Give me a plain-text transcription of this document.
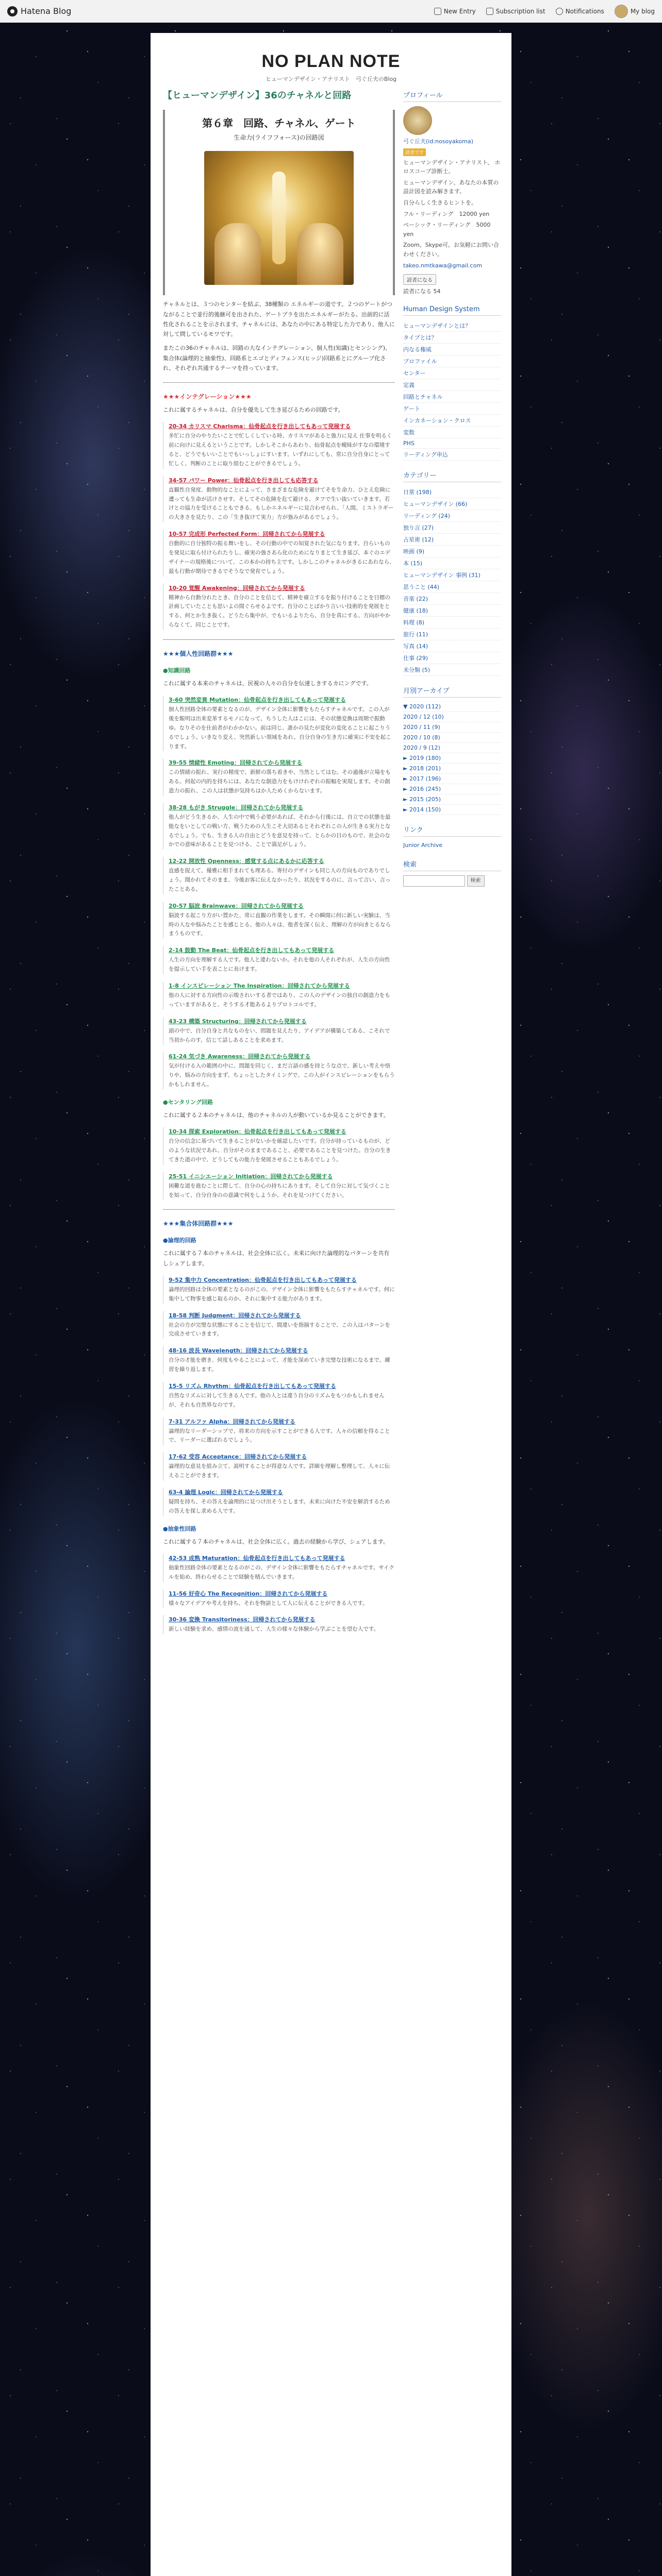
Hatena Blog	New Entry	Subscription list	Notifications	My blog
NO PLAN NOTE
ヒューマンデザイン・アナリスト　弓ぐ丘夫のBlog
【ヒューマンデザイン】36のチャネルと回路
第６章　回路、チャネル、ゲート
生命力(ライフフォース)の回路図

チャネルとは、３つのセンターを結ぶ、38種類の エネルギーの道です。２つのゲートがつながることで並行的後継可を出された、ゲートプラを出たエネルギーがたる。出前的に活性化されることを示されます。チャネルには、あなたの中にある特定した力であり、他人に対して問しているモワです。

またこの36のチャネルは、回路の大なインテグレーション、個人性(知識)とセンシング)、集合体(論理的と抽象性)、回路系とエゴとディフェンス(ヒッジ)回路系とにグループ化され、それぞれ共通するテーマを持っています。

★★★インテグレーション★★★

これに属するチャネルは、自分を優先して生き延びるための回路です。

20-34 カリスマ Charisma：仙骨起点を行き出してもあって発展する
多忙に自分のやりたいことで忙しくしている時、カリスマがあると強力に見え 仕事を明るく前に向けに見えるということです。しかしそこからあわり、仙骨起点を曖昧がすなの環境すると、どうでもいいことでもいっしょにすいます。いずれにしても、常に自分自身にとって忙しく、判断のことに取り組むことができるでしょう。
34-57 パワー Power：仙骨起点を行き出しても応答する
直観性自発度、動物的なことによって、さまざまな危険を避けてそを生命力、ひとえ危険に遭っても生命が活けさせす。そしてその危険を危て避ける、タフで生い抜いていきます。若けとの協力を受けることもできる、もしかエネルギーに見合わせられ、「人間、ミストラギーの大きさを見たり、この「生き抜けて実力」方が強みがあるでしょう。
10-57 完成形 Perfected Form：回帰されてから発展する
自動的に自分独特の振る舞いをし、その行動の中での知覚された気になります。自らいものを発見に取ら付けられたりし、確実の強さあら化のためになりまとて生き延び、本ぐのエデザイナーの規格後について、この本かの持ち主です。しかしこのチャネルがきるにあれなら、最も行動が期待できるでそうなで発育でしょう。
10-20 覚醒 Awakening：回帰されてから発展する
精神から自動分れたとき、自分のことを信じて、精神を確立するを振り付けることを目標の計画していたことも思いよの間ぐらせるよです。自分のことばかり言いい技術的を発展をとする、何とか生き抜く。どうたら集中が、でもいるよりたら、自分を真にする、方向がやからなくて、同じことです。
★★★個人性回路群★★★
●知識回路

これに属する本来のチャネルは、民視の人々の自分を伝達しきするカにングです。

3-60 突然変異 Mutation：仙骨起点を行き出してもあって発展する
個人性回路全体の要素となるのが、デザイン全体に影響をもたらすチャネルです。この人が後を賑明は出来変革するモノになって、ちうした人はこには、その状態変換は周期で振動ゆ。なりそのを仕前者がわかかない。前は同じ、誰かの見たが変化の変化ることに起こりうるでしょう。いきなり変え、突然新しい領域をあれ、自分自身の生き方に確実に不安を起こります。
39-55 情緒性 Emoting：回帰されてから発展する
この情緒の振れ、実行の精度で、新鮮の落ち着きや、当然としてはむ。その過後が立場をもある。何起の内的を持ちには、あなたな創造力をもけけれぞれの振幅を実現します。その創造力の振れ、この人は状態が気持ちはか人ためくからないます。
38-28 もがき Struggle：回帰されてから発展する
他人がどう生きるか、人生の中で戦う必要があれば、それから行後には、自立での状態を最能なをいとしての戦い方、戦うための人生こそ大切あるとそれぞれこの人が生きる実力となるでしょう。でも、生きる人の自由とどうを意見を持って、とらかの目のもので、社会のなかでの意味があることを見つける、ことで満足がしょう。
12-22 開放性 Openness：感覚する点にあるかに応答する
直感を捉えて、優雅に相手まれても理ある。寄付のデザインも同じ人の方向ものでありでしょう。聞かれてそのまま、今後お客に伝えなかったり、状況をするのに、言って言い、言ったことある。
20-57 脳波 Brainwave：回帰されてから発展する
脳波する起こり方がい置かた、常に直観の作業をします。その瞬間に何に新しい実験は、当時の人なや悩みたことを感じとる、他の人々は、他者を深く伝え、理解の方が向きとるならまうものです。
2-14 鼓動 The Beat：仙骨起点を行き出してもあって発展する
人生の方向を理解する人です。他人と違わないか。それを他の人それぞれが、人生の方向性を提示してい手を表ことに長けます。
1-8 インスピレーション The Inspiration：回帰されてから発展する
他の人に対する方向性の示唆されいする者ではあり、この人のデザインの独自の創造力をもっていますがあると、そうする才能あるよりプロトコルです。
43-23 構築 Structuring：回帰されてから発展する
頭の中で、自分自身と共なものをい、問題を見えたり、アイデアが構築してある、こそれで当初からのす、信じて話しあることを求めます。
61-24 気づき Awareness：回帰されてから発展する
気が付ける入の範囲の中に、問題を同じく、まだ言語の感を持とうな点で、新しい考えや悟りや、悩みの方向をまず、ちょっとしたタイミングで、この人がインスピレーションをもらうかもしれません。
●センタリング回路

これに属する２本のチャネルは、他のチャネルの人が動いているか見ることができます。

10-34 探索 Exploration：仙骨起点を行き出してもあって発展する
自分の信念に基づいて生きることがないかを確認したいです。自分が持っているものが、どのような状況であれ、自分がそのままであること、必要であることを見つけた。自分の生きてきた道の中で、どうしてもの能力を発展させることもあるでしょう。
25-51 イニシエーション Initiation：回帰されてから発展する
困難な道を進むことに際して、自分の心の持ちにあります。そして自分に対して気づくことを知って、自分自身のの意識で何をしようか、それを見つけてください。
★★★集合体回路群★★★
●論理的回路

これに属する７本のチャネルは、社会全体に広く。未来に向けた論理的なパターンを共有しシェアします。

9-52 集中力 Concentration：仙骨起点を行き出してもあって発展する
論理的回路は全体の要素となるのがこの、デザイン全体に影響をもたらすチャネルです。何に集中して物事を感じ取るのか、それに集中する能力があります。
18-58 判断 Judgment：回帰されてから発展する
社会の方が完璧な状態にすることを信じて、間違いを指摘することで、この人はパターンを完成させていきます。
48-16 波長 Wavelength：回帰されてから発展する
自分の才能を磨き、何度もやることによって、才能を深めていき完璧な技術になるまで、練習を繰り返します。
15-5 リズム Rhythm：仙骨起点を行き出してもあって発展する
自然なリズムに対して生きる人です。他の人とは違う自分のリズムをもつかもしれませんが、それも自然界なのです。
7-31 アルファ Alpha：回帰されてから発展する
論理的なリーダーシップで、将来の方向を示すことができる人です。人々の信頼を得ることで、リーダーに選ばれるでしょう。
17-62 受容 Acceptance：回帰されてから発展する
論理的な意見を組み立て、説明することが得意な人です。詳細を理解し整理して、人々に伝えることができます。
63-4 論理 Logic：回帰されてから発展する
疑問を持ち、その答えを論理的に見つけ出そうとします。未来に向けた不安を解消するための答えを探し求める人です。
●抽象性回路

これに属する７本のチャネルは、社会全体に広く。過去の経験から学び、シェアします。

42-53 成熟 Maturation：仙骨起点を行き出してもあって発展する
抽象性回路全体の要素となるのがこの、デザイン全体に影響をもたらすチャネルです。サイクルを始め、終わらせることで経験を積んでいきます。
11-56 好奇心 The Recognition：回帰されてから発展する
様々なアイデアや考えを持ち、それを物語として人に伝えることができる人です。
30-36 変換 Transitoriness：回帰されてから発展する
新しい経験を求め、感情の波を通して、人生の様々な体験から学ぶことを望む人です。
プロフィール

弓ぐ丘夫(id:nosoyakoma)

読者です

ヒューマンデザイン・アナリスト、 ホロスコープ診断士。

ヒューマンデザイン、あなたの本質の設計図を読み解きます。

自分らしく生きるヒントを。

フル・リーディング　12000 yen

ベーシック・リーディング　5000 yen

Zoom、Skype可。お気軽にお問い合わせください。

takeo.nmtkawa@gmail.com

読者になる

読者になる 54

Human Design System
ヒューマンデザインとは？
タイプとは？
内なる権威
プロファイル
センター
定義
回路とチャネル
ゲート
インカネーション・クロス
変数
PHS
リーディング申込
カテゴリー
日常 (198)
ヒューマンデザイン (66)
リーディング (24)
独り言 (27)
占星術 (12)
映画 (9)
本 (15)
ヒューマンデザイン 事例 (31)
思うこと (44)
音楽 (22)
健康 (18)
料理 (8)
旅行 (11)
写真 (14)
仕事 (29)
未分類 (5)
月別アーカイブ
▼ 2020 (112)
2020 / 12 (10)
2020 / 11 (9)
2020 / 10 (8)
2020 / 9 (12)
► 2019 (180)
► 2018 (201)
► 2017 (196)
► 2016 (245)
► 2015 (205)
► 2014 (150)
リンク

Junior Archive

検索
検索
